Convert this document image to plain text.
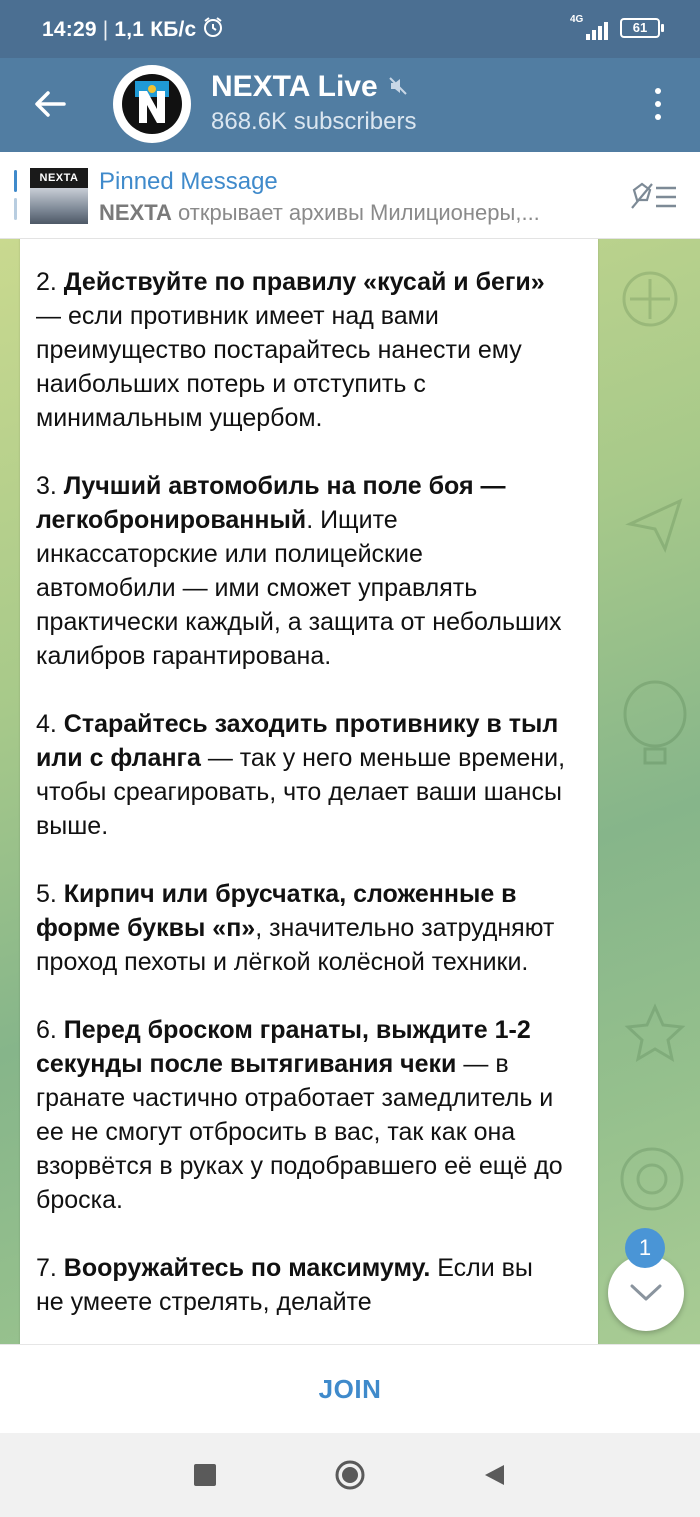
14:29 | 1,1 КБ/с	4G
61
NEXTA Live
868.6K subscribers
NEXTA Pinned Message
NEXTA открывает архивы Милиционеры,...

2. Действуйте по правилу «кусай и беги» — если противник имеет над вами преимущество постарайтесь нанести ему наибольших потерь и отступить с минимальным ущербом.

3. Лучший автомобиль на поле боя — легкобронированный. Ищите инкассаторские или полицейские автомобили — ими сможет управлять практически каждый, а защита от небольших калибров гарантирована.

4. Старайтесь заходить противнику в тыл или с фланга — так у него меньше времени, чтобы среагировать, что делает ваши шансы выше.

5. Кирпич или брусчатка, сложенные в форме буквы «п», значительно затрудняют проход пехоты и лёгкой колёсной техники.

6. Перед броском гранаты, выждите 1-2 секунды после вытягивания чеки — в гранате частично отработает замедлитель и ее не смогут отбросить в вас, так как она взорвётся в руках у подобравшего её ещё до броска.

7. Вооружайтесь по максимуму. Если вы не умеете стрелять, делайте

1
JOIN
